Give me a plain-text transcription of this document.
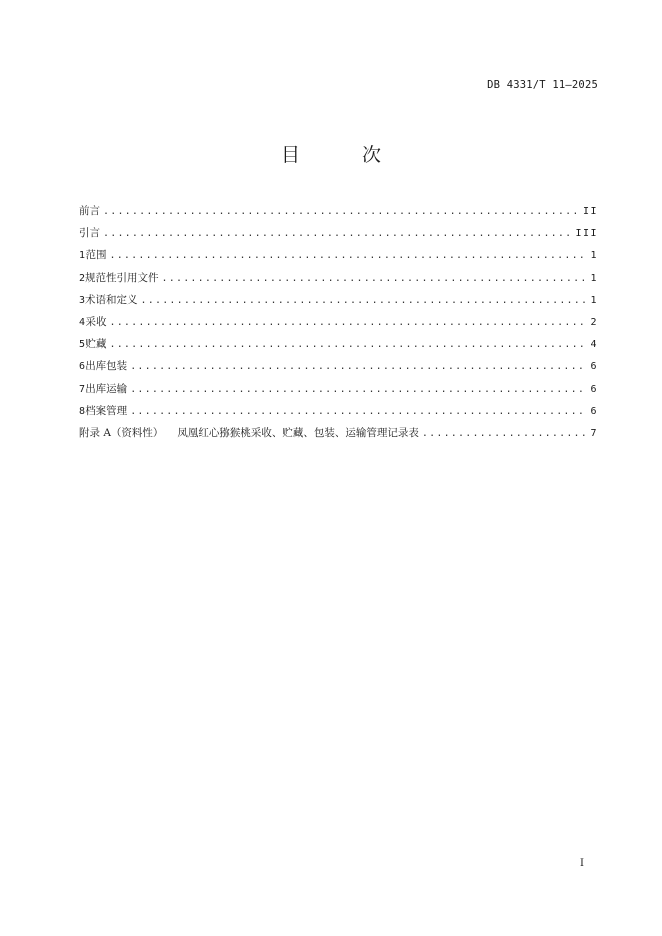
DB 4331/T 11—2025
目 次
前言 .....	II
引言 .....	III
1 范围 .....	1
2 规范性引用文件 .....	1
3 术语和定义 .....	1
4 采收 .....	2
5 贮藏 .....	4
6 出库包装 .....	6
7 出库运输 .....	6
8 档案管理 .....	6
附录 A（资料性） 凤凰红心猕猴桃采收、贮藏、包装、运输管理记录表 .....	7
I
